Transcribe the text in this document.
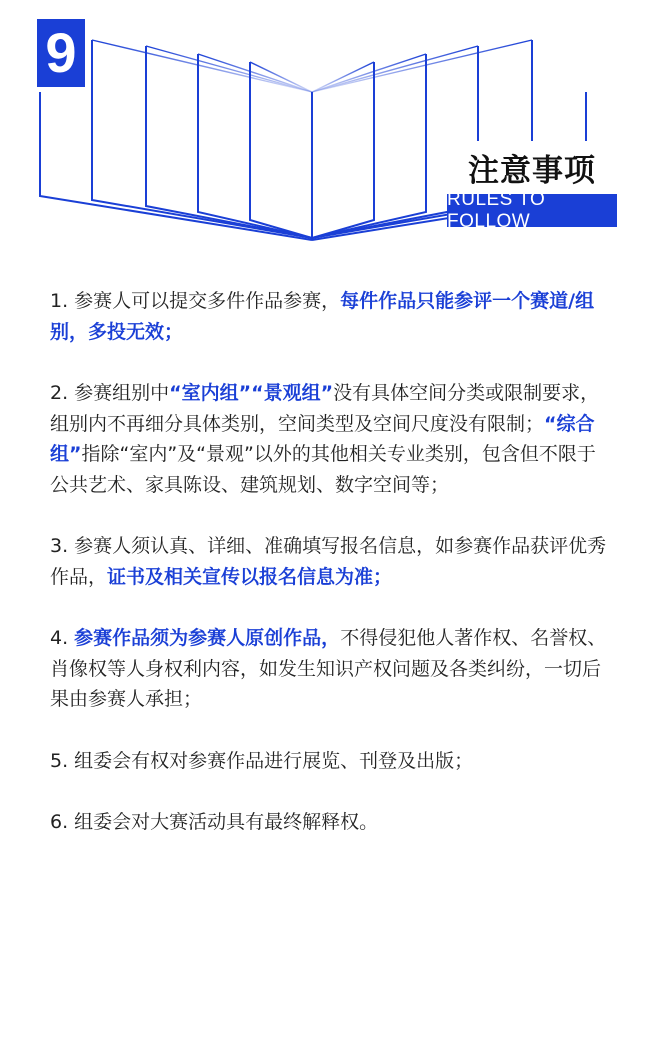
9
注意事项
RULES TO FOLLOW

1. 参赛人可以提交多件作品参赛，每件作品只能参评一个赛道/组别，多投无效；

2. 参赛组别中“室内组”“景观组”没有具体空间分类或限制要求，组别内不再细分具体类别，空间类型及空间尺度没有限制；“综合组”指除“室内”及“景观”以外的其他相关专业类别，包含但不限于公共艺术、家具陈设、建筑规划、数字空间等；

3. 参赛人须认真、详细、准确填写报名信息，如参赛作品获评优秀作品，证书及相关宣传以报名信息为准；

4. 参赛作品须为参赛人原创作品，不得侵犯他人著作权、名誉权、肖像权等人身权利内容，如发生知识产权问题及各类纠纷，一切后果由参赛人承担；

5. 组委会有权对参赛作品进行展览、刊登及出版；

6. 组委会对大赛活动具有最终解释权。
